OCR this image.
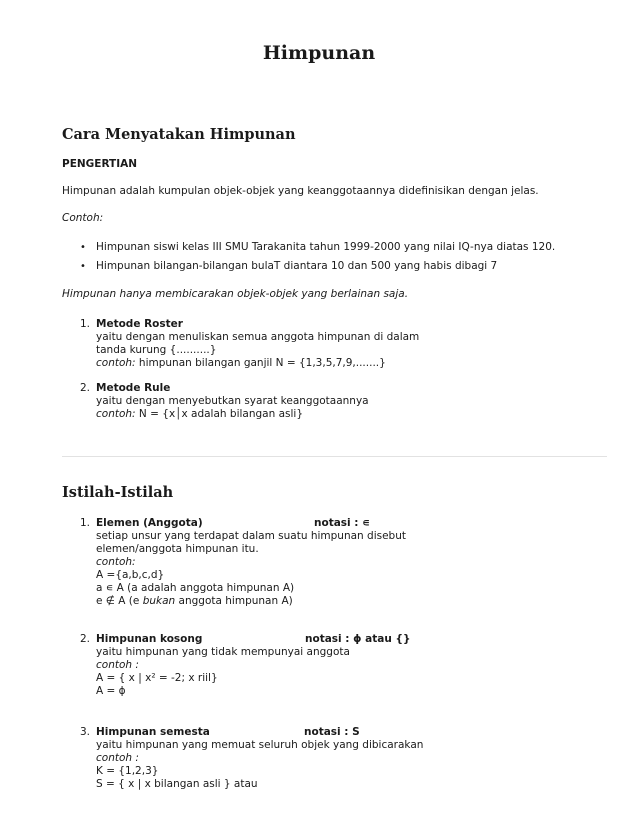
Himpunan
Cara Menyatakan Himpunan

PENGERTIAN

Himpunan adalah kumpulan objek-objek yang keanggotaannya didefinisikan dengan jelas.

Contoh:

• Himpunan siswi kelas III SMU Tarakanita tahun 1999-2000 yang nilai IQ-nya diatas 120.

• Himpunan bilangan-bilangan bulaT diantara 10 dan 500 yang habis dibagi 7

Himpunan hanya membicarakan objek-objek yang berlainan saja.

1. Metode Roster

yaitu dengan menuliskan semua anggota himpunan di dalam

tanda kurung {..........}

contoh: himpunan bilangan ganjil N = {1,3,5,7,9,.......}

2. Metode Rule

yaitu dengan menyebutkan syarat keanggotaannya

contoh: N = {x│x adalah bilangan asli}

Istilah-Istilah
1. Elemen (Anggota)	notasi : ∊

setiap unsur yang terdapat dalam suatu himpunan disebut

elemen/anggota himpunan itu.

contoh:

A ={a,b,c,d}

a ∊ A (a adalah anggota himpunan A)

e ∉ A (e bukan anggota himpunan A)

2. Himpunan kosong	notasi : ϕ atau {}

yaitu himpunan yang tidak mempunyai anggota

contoh :

A = { x | x² = -2; x riil}

A = ϕ

3. Himpunan semesta	notasi : S

yaitu himpunan yang memuat seluruh objek yang dibicarakan

contoh :

K = {1,2,3}

S = { x | x bilangan asli } atau
